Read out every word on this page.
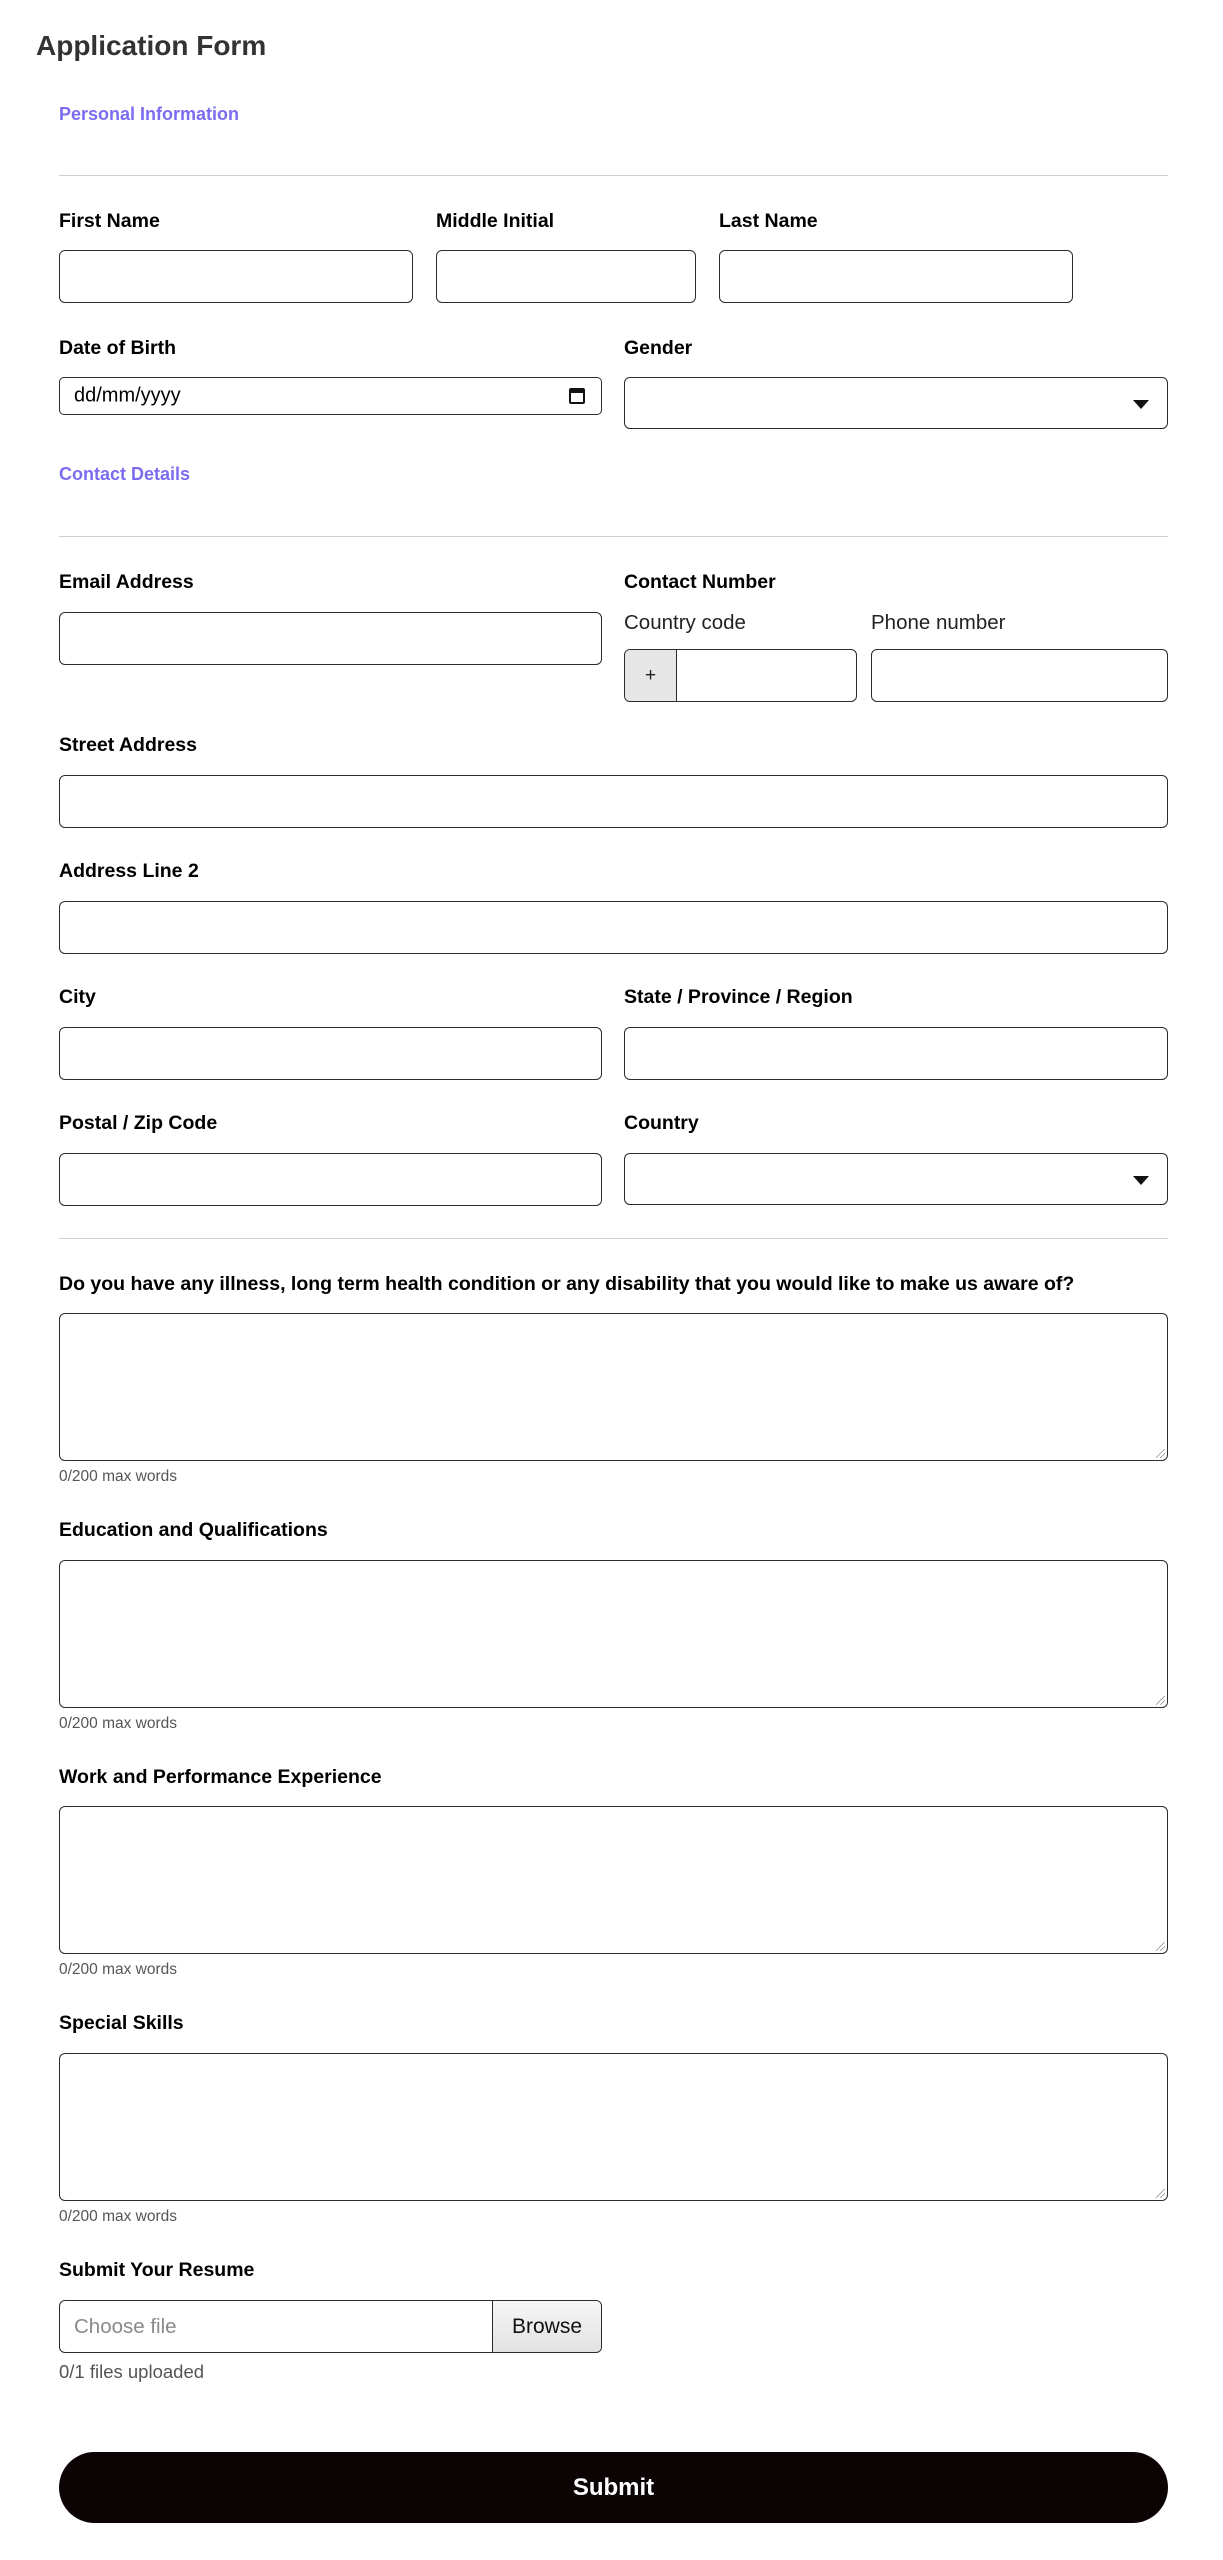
Application Form
Personal Information
First Name	Middle Initial	Last Name
Date of Birth
dd/mm/yyyy
Gender
Contact Details
Email Address	Contact Number
Country code	Phone number
+
Street Address
Address Line 2
City	State / Province / Region
Postal / Zip Code	Country
Do you have any illness, long term health condition or any disability that you would like to make us aware of?
0/200 max words
Education and Qualifications
0/200 max words
Work and Performance Experience
0/200 max words
Special Skills
0/200 max words
Submit Your Resume
Choose file	Browse
0/1 files uploaded
Submit
